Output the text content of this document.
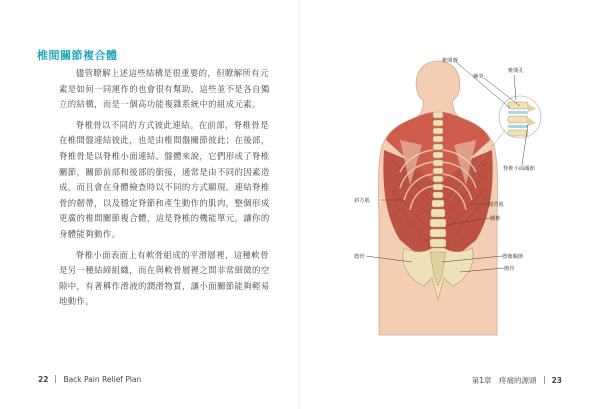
椎間關節複合體

儘管瞭解上述這些結構是很重要的，但瞭解所有元素是如何一同運作的也會很有幫助，這些並不是各自獨立的結構，而是一個高功能複雜系統中的組成元素。

脊椎骨以不同的方式彼此連結。在前部，脊椎骨是在椎間盤連結彼此，也是由椎間盤關節彼此；在後部，脊椎骨是以脊椎小面連結。盤體來說，它們形成了脊椎關節，關節前部和後部的銜接，通常是由不同的因素造成，而且會在身體檢查時以不同的方式顯現。連結脊椎骨的韌帶，以及穩定脊節和產生動作的肌肉，整個形成更廣的椎間關節複合體，這是脊椎的機能單元，讓你的身體能夠動作。

脊椎小面表面上有軟骨組成的平滑層裡，這種軟骨是另一種結締組織，而在與軟骨層裡之間非常細微的空隙中，有著稱作滑液的潤滑物質，讓小面關節能夠輕易地動作。

22 Back Pain Relief Plan
椎間盤
棘突
椎間孔
脊椎小面關節
斜方肌
闊背肌
腰椎
薦髂關節
薦骨
髂骨
第1章　疼痛的源頭 23
